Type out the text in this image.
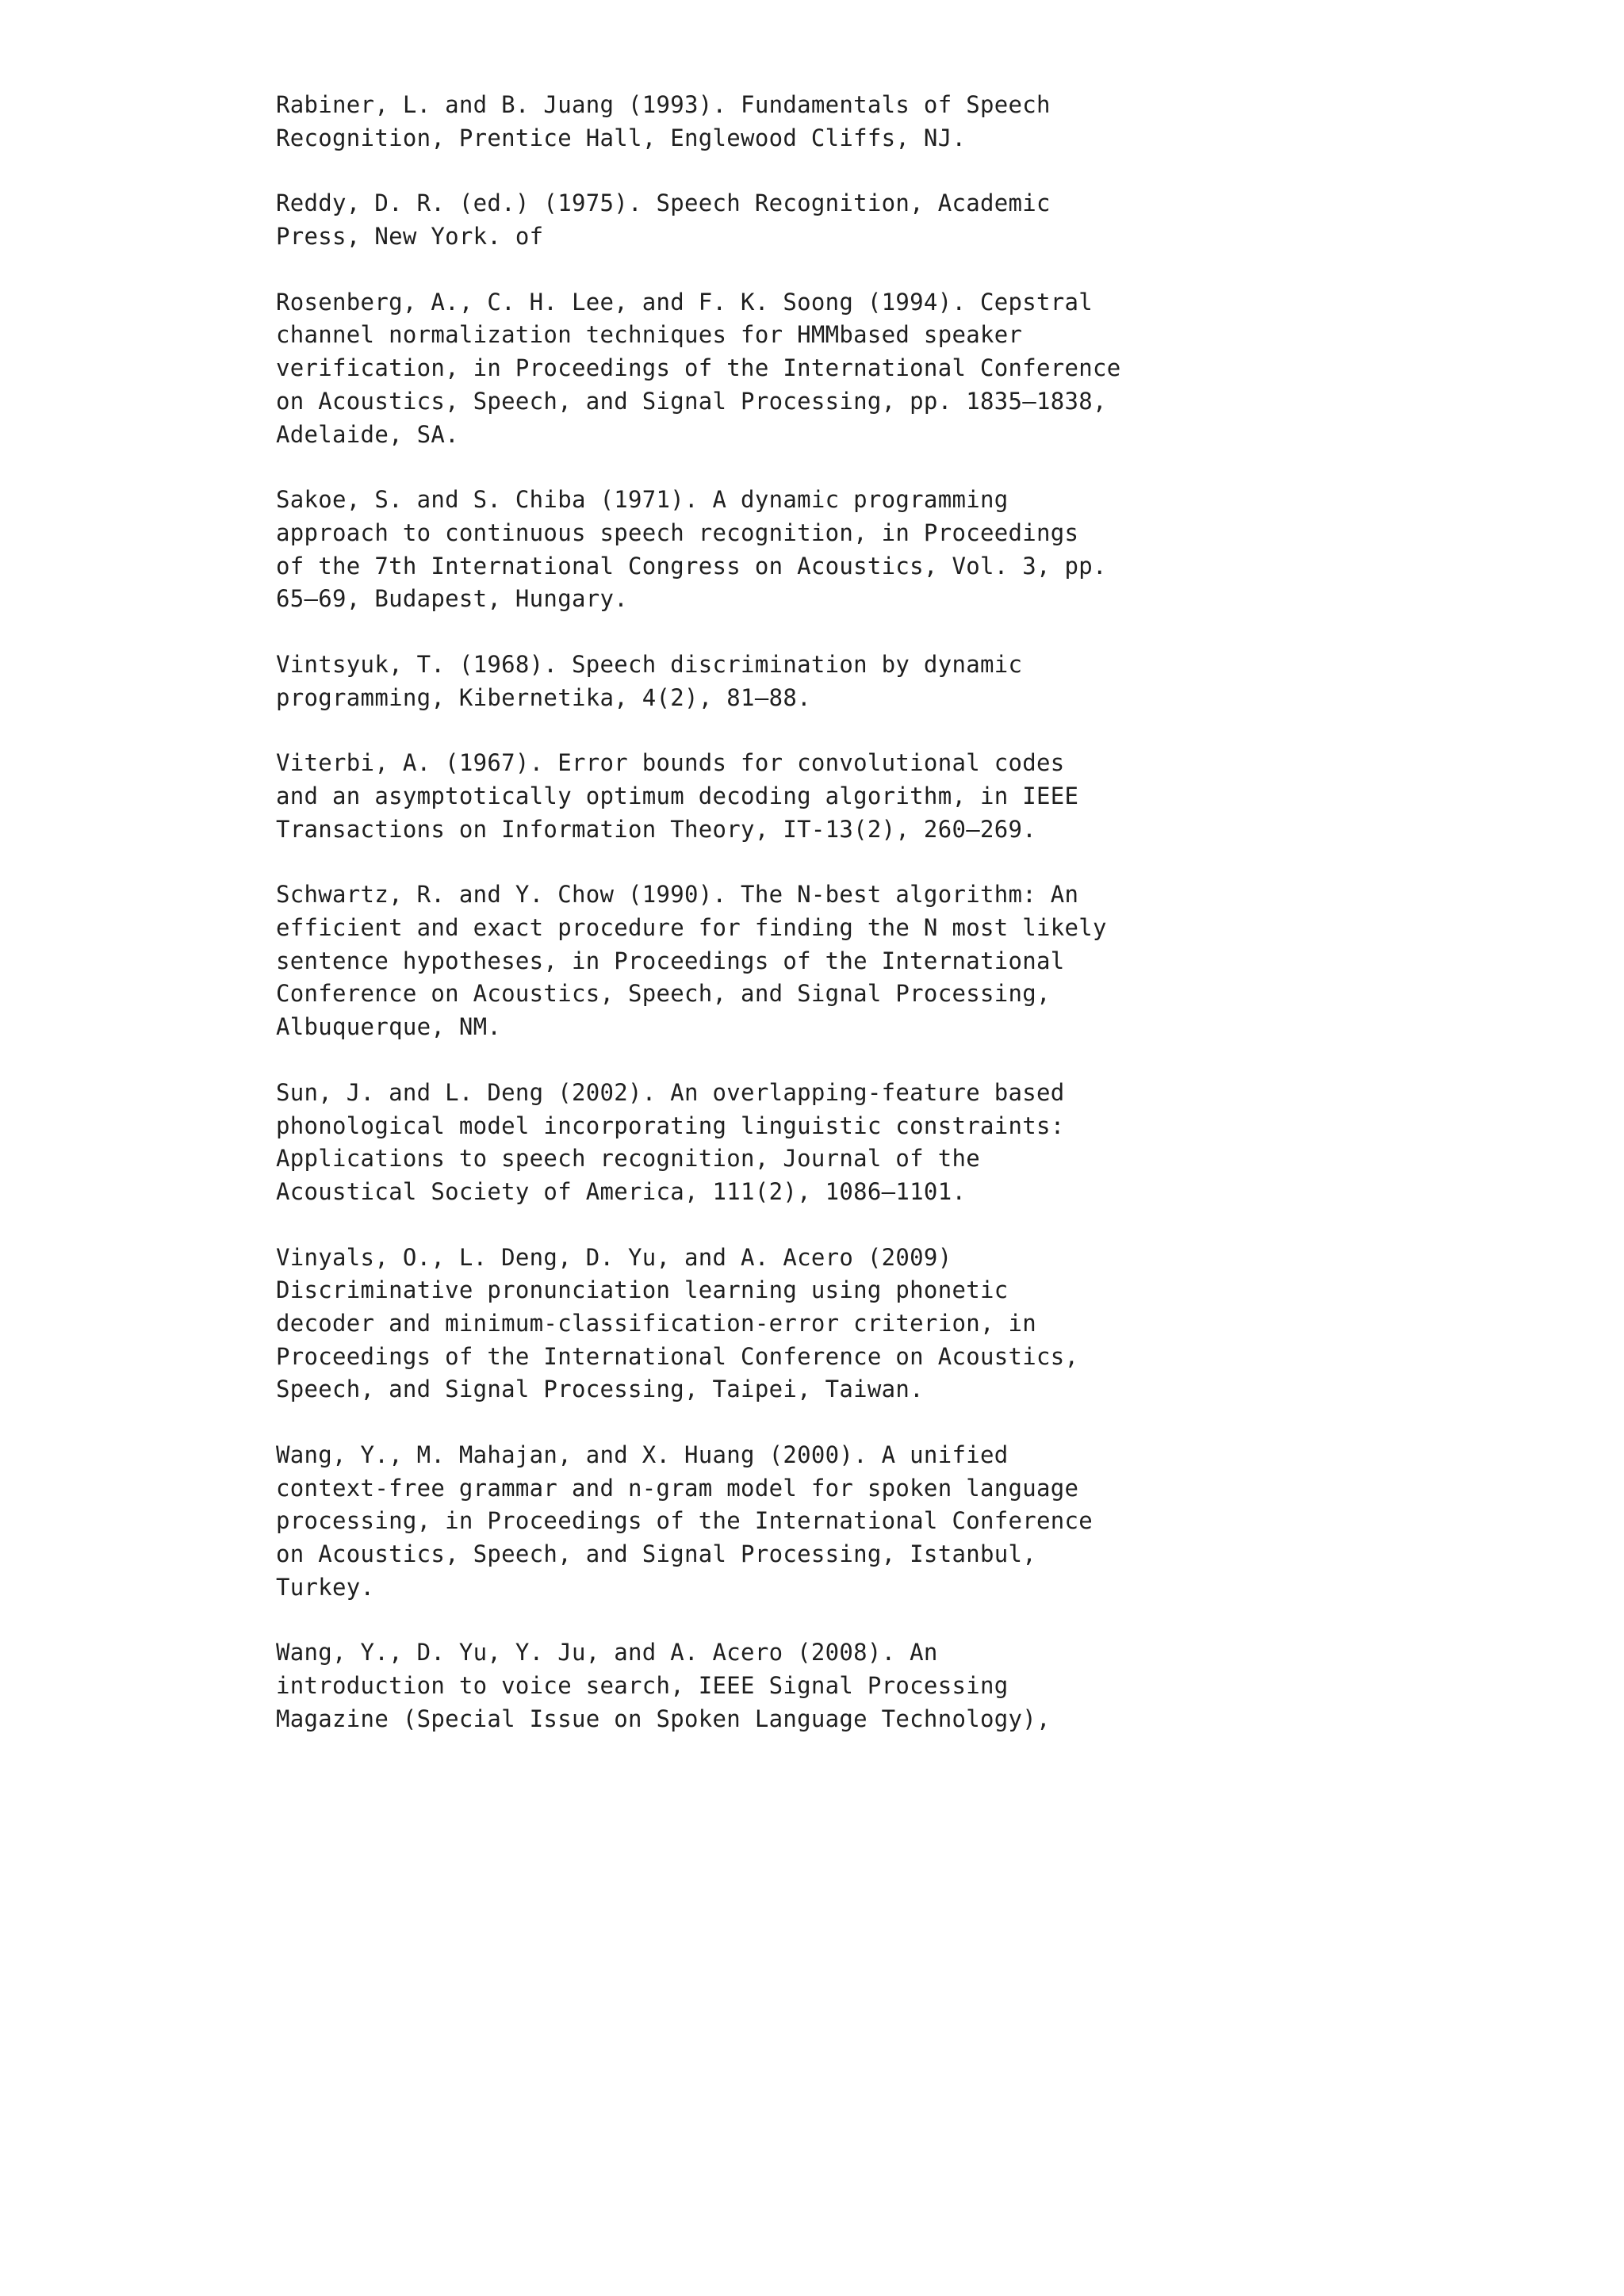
Rabiner, L. and B. Juang (1993). Fundamentals of Speech
Recognition, Prentice Hall, Englewood Cliffs, NJ.
Reddy, D. R. (ed.) (1975). Speech Recognition, Academic
Press, New York. of
Rosenberg, A., C. H. Lee, and F. K. Soong (1994). Cepstral
channel normalization techniques for HMMbased speaker
verification, in Proceedings of the International Conference
on Acoustics, Speech, and Signal Processing, pp. 1835–1838,
Adelaide, SA.
Sakoe, S. and S. Chiba (1971). A dynamic programming
approach to continuous speech recognition, in Proceedings
of the 7th International Congress on Acoustics, Vol. 3, pp.
65–69, Budapest, Hungary.
Vintsyuk, T. (1968). Speech discrimination by dynamic
programming, Kibernetika, 4(2), 81–88.
Viterbi, A. (1967). Error bounds for convolutional codes
and an asymptotically optimum decoding algorithm, in IEEE
Transactions on Information Theory, IT-13(2), 260–269.
Schwartz, R. and Y. Chow (1990). The N-best algorithm: An
efficient and exact procedure for finding the N most likely
sentence hypotheses, in Proceedings of the International
Conference on Acoustics, Speech, and Signal Processing,
Albuquerque, NM.
Sun, J. and L. Deng (2002). An overlapping-feature based
phonological model incorporating linguistic constraints:
Applications to speech recognition, Journal of the
Acoustical Society of America, 111(2), 1086–1101.
Vinyals, O., L. Deng, D. Yu, and A. Acero (2009)
Discriminative pronunciation learning using phonetic
decoder and minimum-classification-error criterion, in
Proceedings of the International Conference on Acoustics,
Speech, and Signal Processing, Taipei, Taiwan.
Wang, Y., M. Mahajan, and X. Huang (2000). A unified
context-free grammar and n-gram model for spoken language
processing, in Proceedings of the International Conference
on Acoustics, Speech, and Signal Processing, Istanbul,
Turkey.
Wang, Y., D. Yu, Y. Ju, and A. Acero (2008). An
introduction to voice search, IEEE Signal Processing
Magazine (Special Issue on Spoken Language Technology),
